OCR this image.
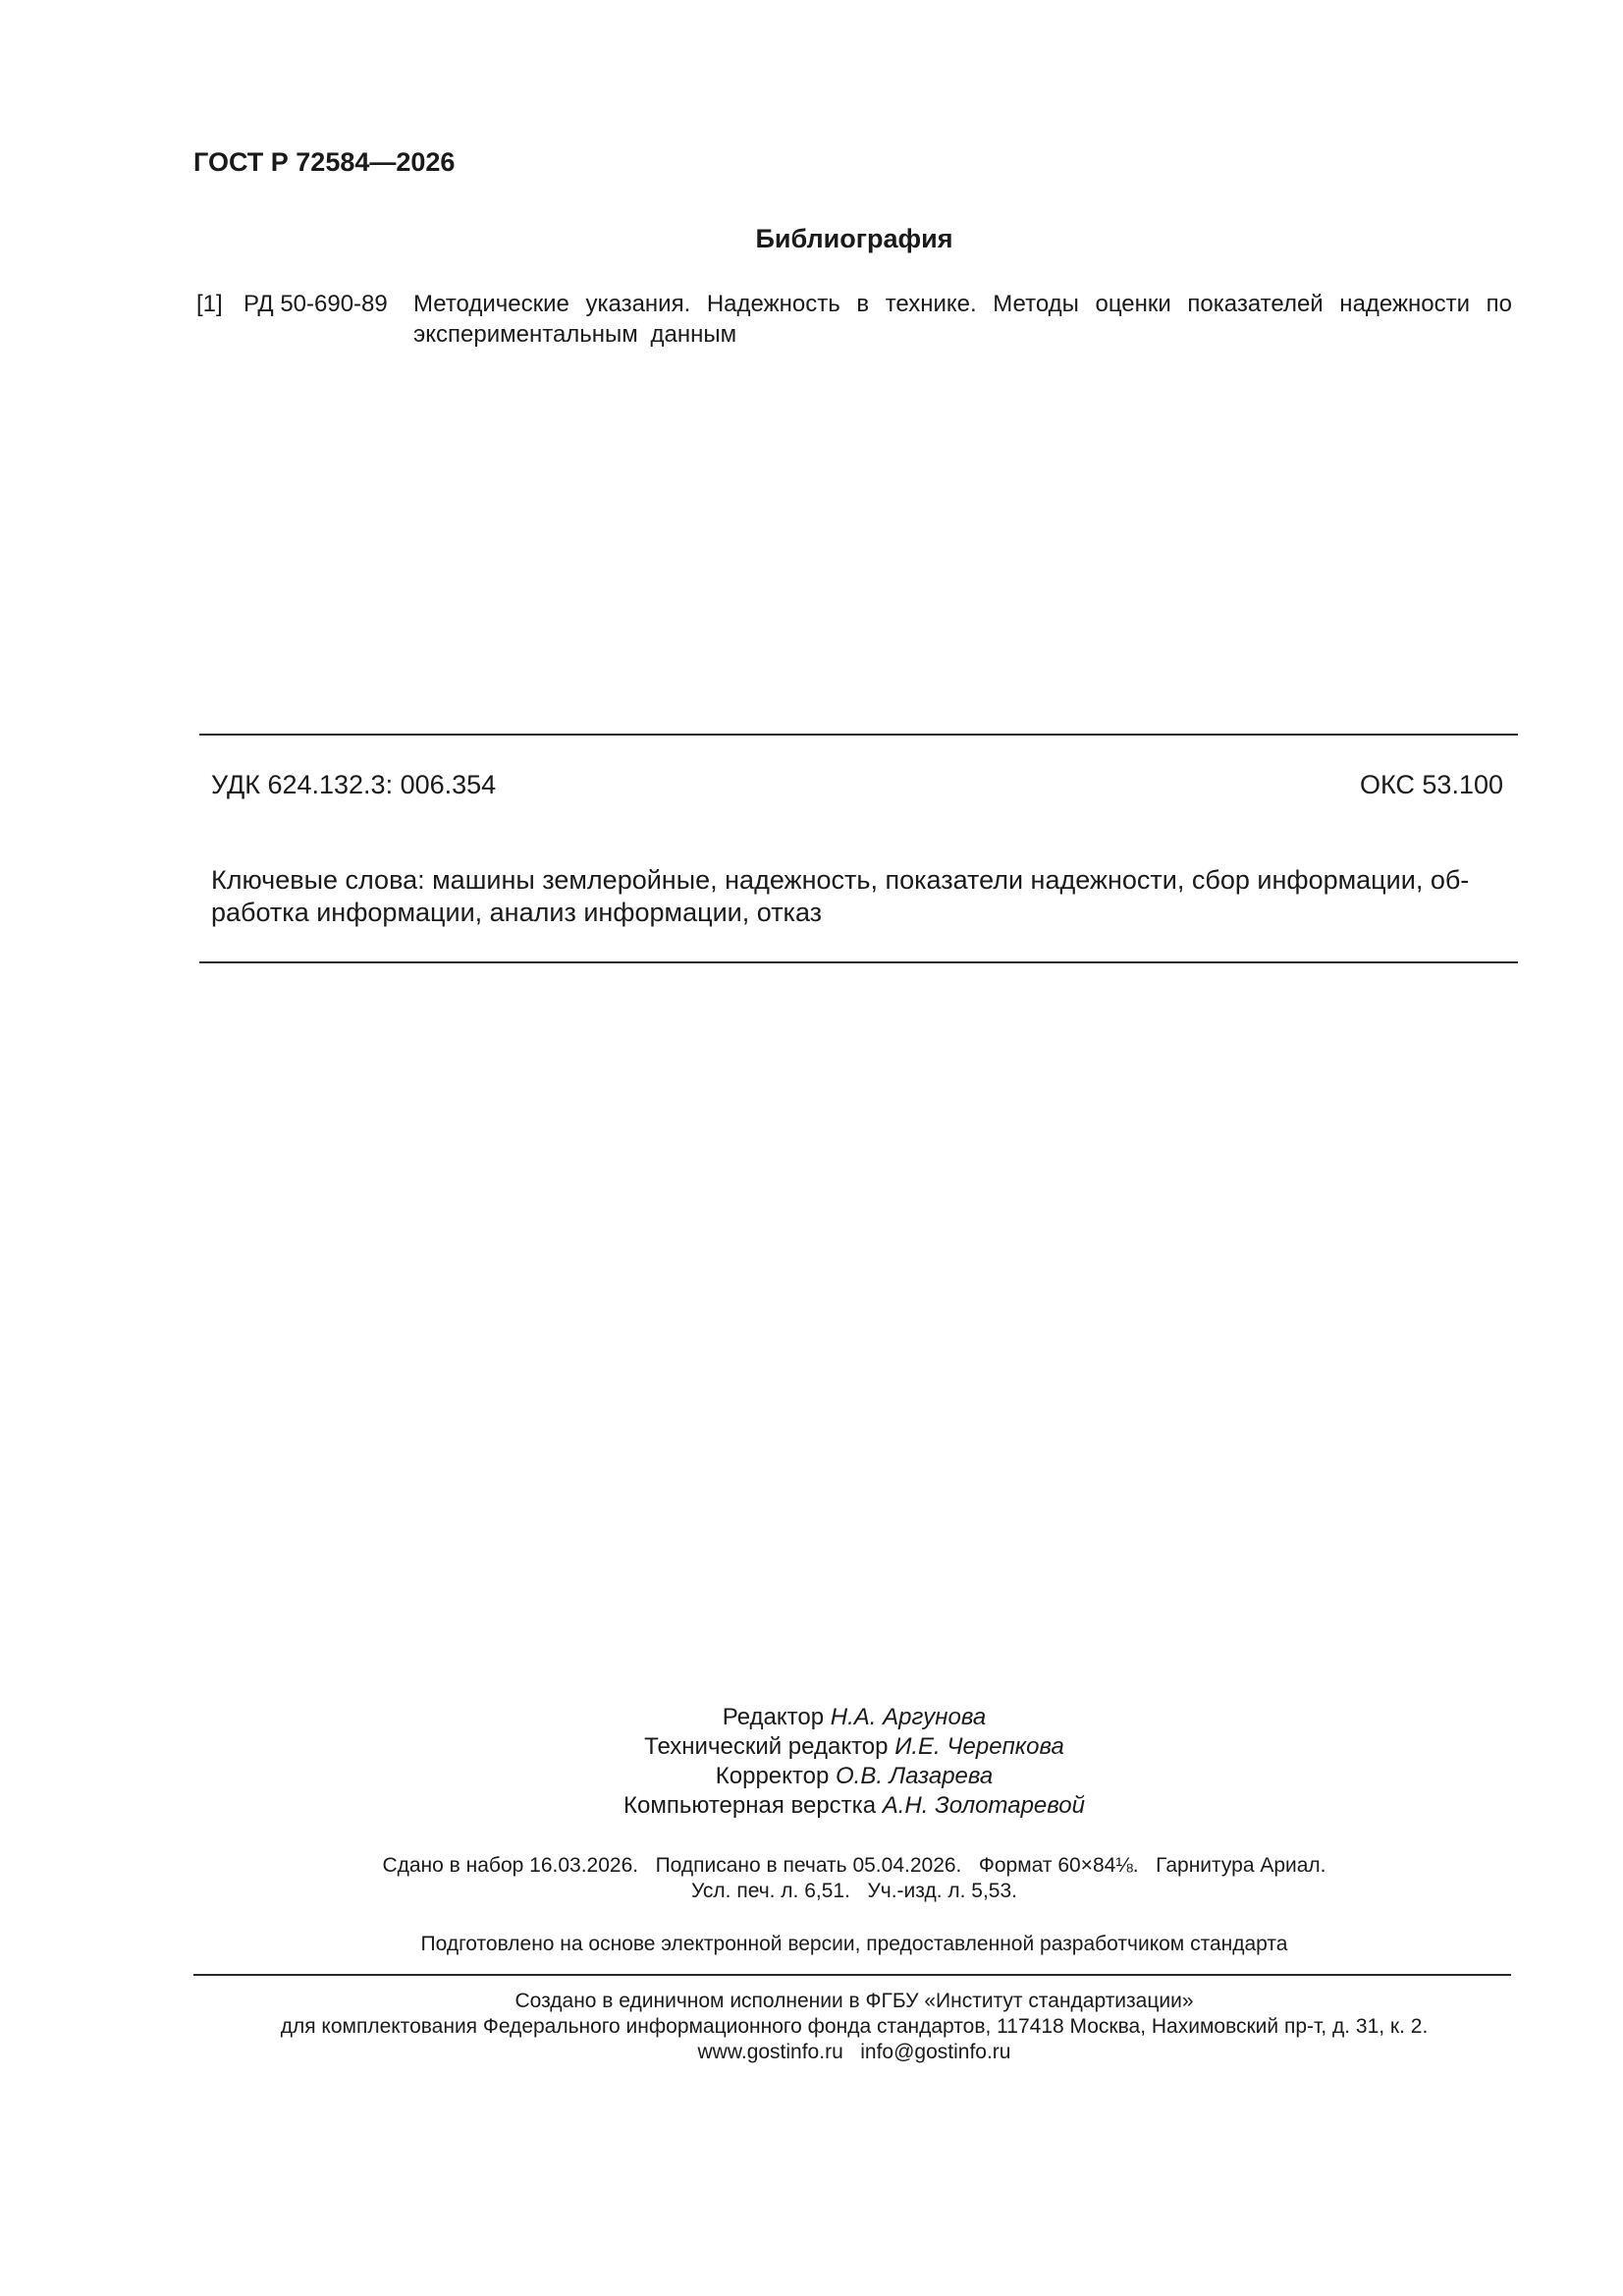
ГОСТ Р 72584—2026
Библиография
[1] РД 50-690-89 Методические указания. Надежность в технике. Методы оценки показателей надежности по экспериментальным данным
УДК 624.132.3: 006.354	ОКС 53.100
Ключевые слова: машины землеройные, надежность, показатели надежности, сбор информации, об-работка информации, анализ информации, отказ
Редактор Н.А. Аргунова
Технический редактор И.Е. Черепкова
Корректор О.В. Лазарева
Компьютерная верстка А.Н. Золотаревой
Сдано в набор 16.03.2026.   Подписано в печать 05.04.2026.   Формат 60×84⅛.   Гарнитура Ариал.
Усл. печ. л. 6,51.   Уч.-изд. л. 5,53.
Подготовлено на основе электронной версии, предоставленной разработчиком стандарта
Создано в единичном исполнении в ФГБУ «Институт стандартизации»
для комплектования Федерального информационного фонда стандартов, 117418 Москва, Нахимовский пр-т, д. 31, к. 2.
www.gostinfo.ru   info@gostinfo.ru
